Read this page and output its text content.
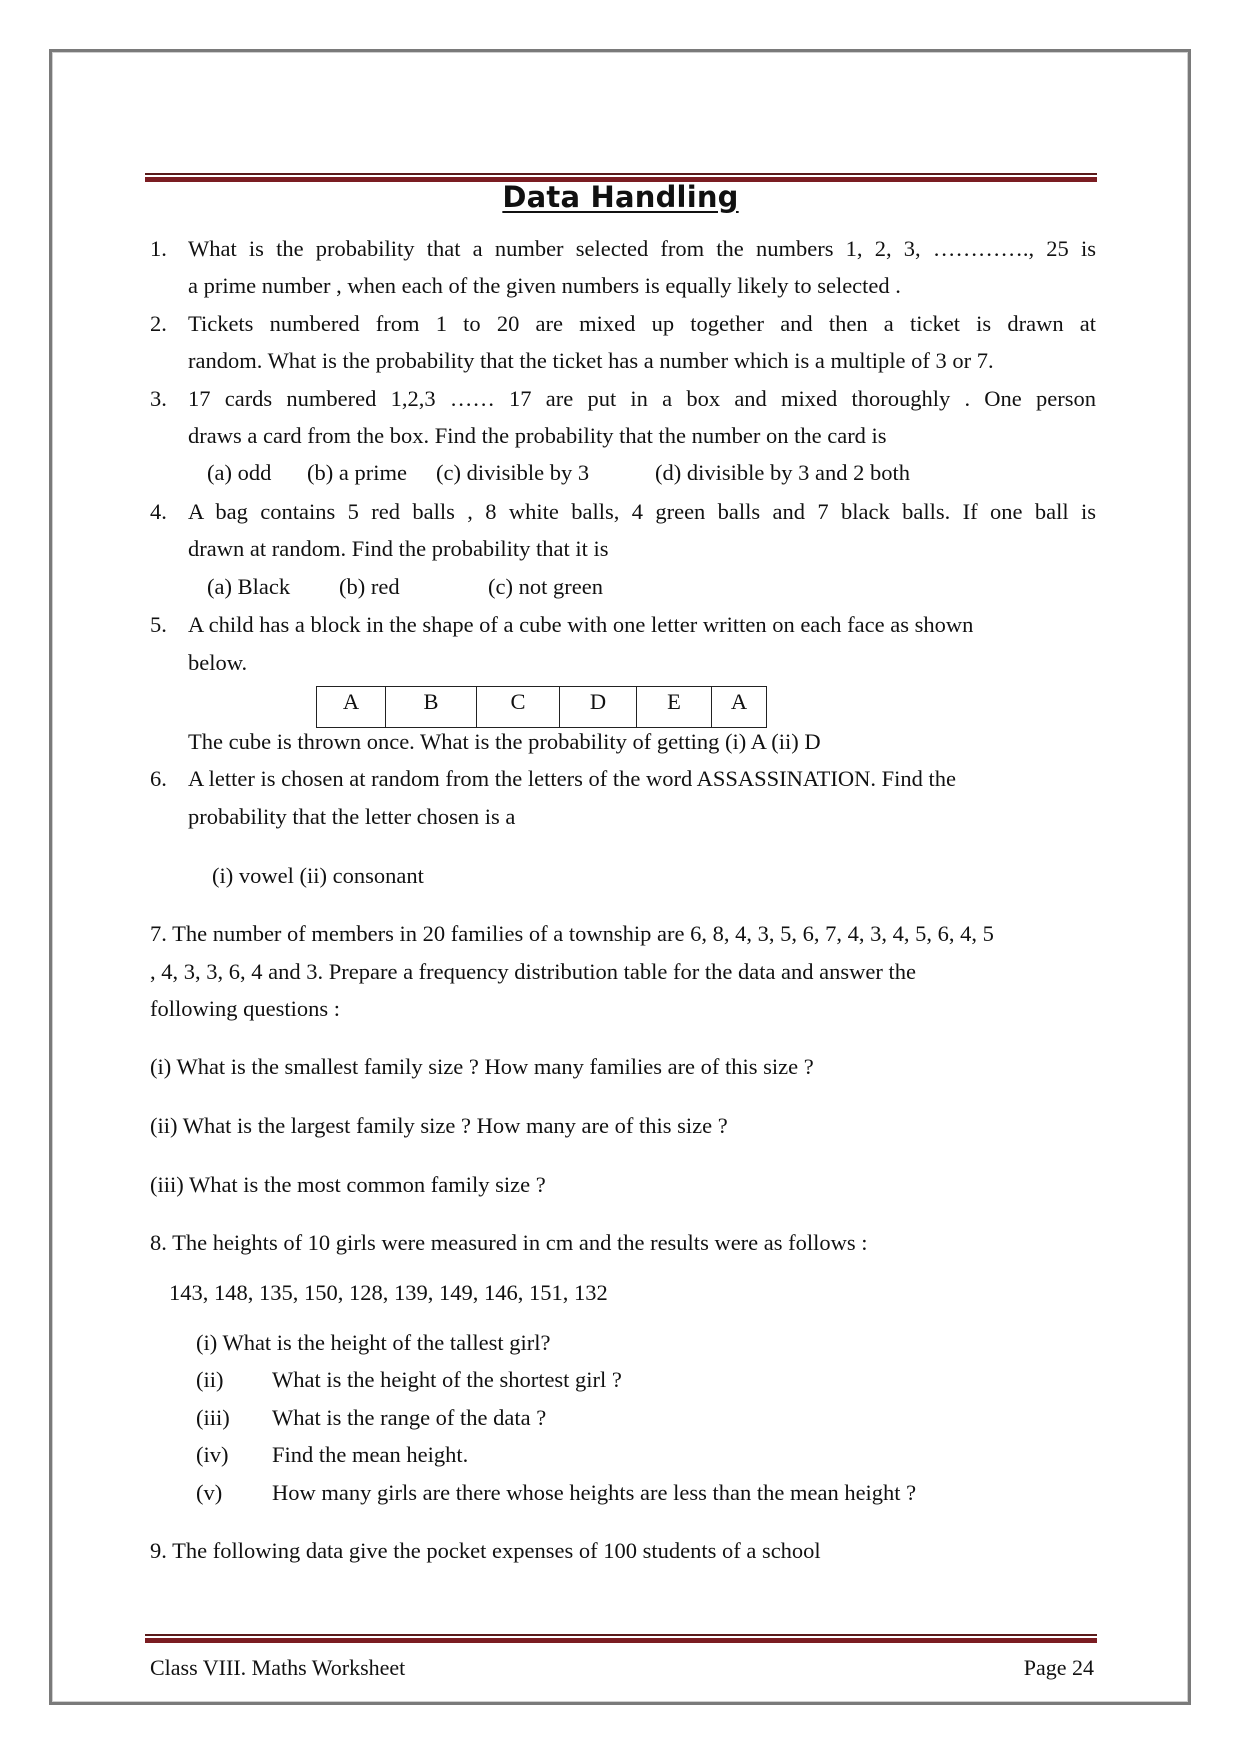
Data Handling
1. What is the probability that a number selected from the numbers 1, 2, 3, …………., 25 is
a prime number , when each of the given numbers is equally likely to selected .
2. Tickets numbered from 1 to 20 are mixed up together and then a ticket is drawn at
random. What is the probability that the ticket has a number which is a multiple of 3 or 7.
3. 17 cards numbered 1,2,3 …… 17 are put in a box and mixed thoroughly . One person
draws a card from the box. Find the probability that the number on the card is
(a) odd (b) a prime (c) divisible by 3	(d) divisible by 3 and 2 both
4. A bag contains 5 red balls , 8 white balls, 4 green balls and 7 black balls. If one ball is
drawn at random. Find the probability that it is
(a) Black (b) red	(c) not green
5. A child has a block in the shape of a cube with one letter written on each face as shown
below.
A	B	C	D	E	A
The cube is thrown once. What is the probability of getting (i) A (ii) D
6. A letter is chosen at random from the letters of the word ASSASSINATION. Find the
probability that the letter chosen is a
(i) vowel (ii) consonant
7. The number of members in 20 families of a township are 6, 8, 4, 3, 5, 6, 7, 4, 3, 4, 5, 6, 4, 5
, 4, 3, 3, 6, 4 and 3. Prepare a frequency distribution table for the data and answer the
following questions :
(i) What is the smallest family size ? How many families are of this size ?
(ii) What is the largest family size ? How many are of this size ?
(iii) What is the most common family size ?
8. The heights of 10 girls were measured in cm and the results were as follows :
143, 148, 135, 150, 128, 139, 149, 146, 151, 132
(i) What is the height of the tallest girl?
(ii) What is the height of the shortest girl ?
(iii) What is the range of the data ?
(iv) Find the mean height.
(v) How many girls are there whose heights are less than the mean height ?
9. The following data give the pocket expenses of 100 students of a school
Class VIII. Maths Worksheet	Page 24
